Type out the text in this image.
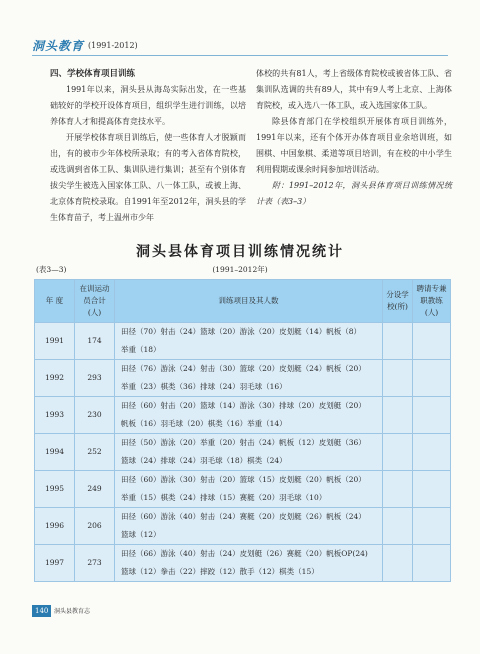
洞头教育 (1991-2012)

四、学校体育项目训练

1991年以来，洞头县从海岛实际出发，在一些基础较好的学校开设体育项目，组织学生进行训练，以培养体育人才和提高体育竞技水平。

开展学校体育项目训练后，使一些体育人才脱颖而出，有的被市少年体校所录取；有的考入省体育院校，或选调到省体工队、集训队进行集训；甚至有个别体育拔尖学生被选入国家体工队、八一体工队，或被上海、北京体育院校录取。自1991年至2012年，洞头县的学生体育苗子，考上温州市少年

体校的共有81人，考上省级体育院校或被省体工队、省集训队选调的共有89人，其中有9人考上北京、上海体育院校，或入选八一体工队，或入选国家体工队。

除县体育部门在学校组织开展体育项目训练外，1991年以来，还有个体开办体育项目业余培训班，如围棋、中国象棋、柔道等项目培训，有在校的中小学生利用假期或课余时间参加培训活动。

附：1991–2012年，洞头县体育项目训练情况统计表（表3–3）

洞头县体育项目训练情况统计
(表3—3)	(1991–2012年)
年 度	在训运动员合计(人)	训练项目及其人数	分设学校(所)	聘请专兼职教练(人)
1991	174	田径（70）射击（24）篮球（20）游泳（20）皮划艇（14）帆板（8）
举重（18）		

1992	293	田径（76）游泳（24）射击（30）篮球（20）皮划艇（24）帆板（20）
举重（23）棋类（36）排球（24）羽毛球（16）		

1993	230	田径（60）射击（20）篮球（14）游泳（30）排球（20）皮划艇（20）
帆板（16）羽毛球（20）棋类（16）举重（14）		

1994	252	田径（50）游泳（20）举重（20）射击（24）帆板（12）皮划艇（36）
篮球（24）排球（24）羽毛球（18）棋类（24）		

1995	249	田径（60）游泳（30）射击（20）篮球（15）皮划艇（20）帆板（20）
举重（15）棋类（24）排球（15）赛艇（20）羽毛球（10）		

1996	206	田径（60）游泳（40）射击（24）赛艇（20）皮划艇（26）帆板（24）
篮球（12）		

1997	273	田径（66）游泳（40）射击（24）皮划艇（26）赛艇（20）帆板OP(24)
篮球（12）拳击（22）摔跤（12）散手（12）棋类（15）		

140 洞头县教育志
